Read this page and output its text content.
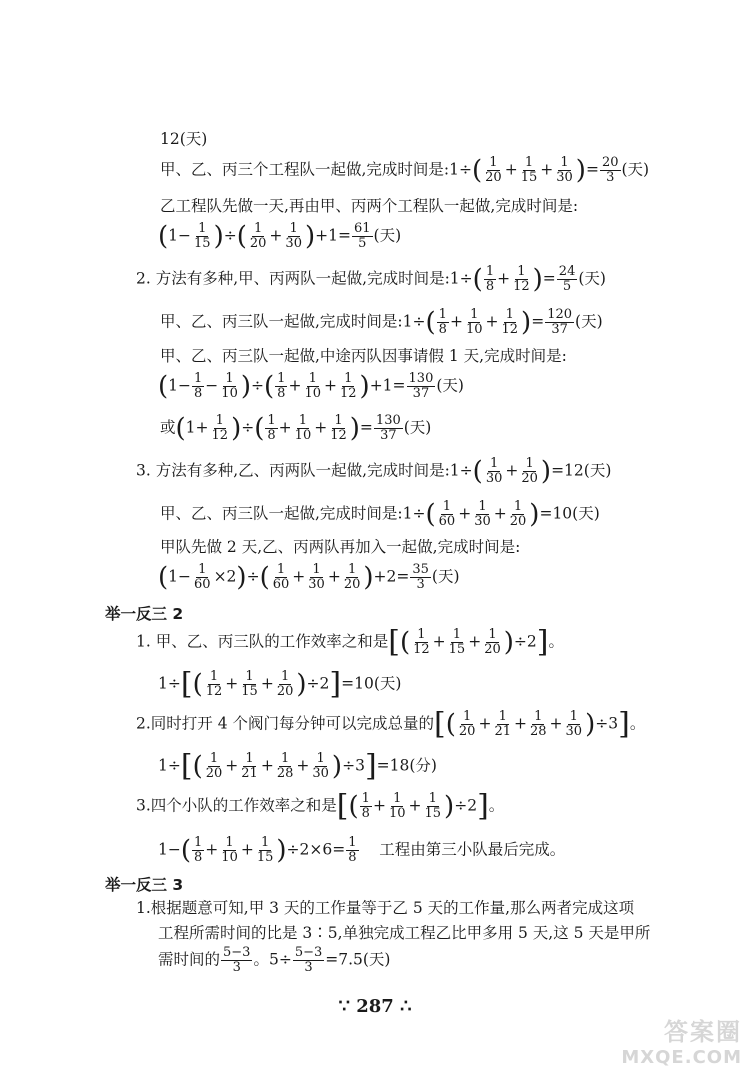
12(天)
甲、乙、丙三个工程队一起做,完成时间是:1÷( $\frac{1}{20} + \frac{1}{15} + \frac{1}{30}$ )= $\frac{20}{3}$ (天)
乙工程队先做一天,再由甲、丙两个工程队一起做,完成时间是:
($1- \frac{1}{15}$ )÷( $\frac{1}{20} + \frac{1}{30} )+1= \frac{61}{5}$ (天)
2. 方法有多种,甲、丙两队一起做,完成时间是:1÷( $\frac{1}{8} + \frac{1}{12}$ )= $\frac{24}{5}$ (天)
甲、乙、丙三队一起做,完成时间是:1÷( $\frac{1}{8} + \frac{1}{10} + \frac{1}{12}$ )= $\frac{120}{37}$ (天)
甲、乙、丙三队一起做,中途丙队因事请假 1 天,完成时间是:
($1- \frac{1}{8} - \frac{1}{10}$ )÷( $\frac{1}{8} + \frac{1}{10} + \frac{1}{12} )+1= \frac{130}{37}$ (天)
或($1+ \frac{1}{12}$ )÷( $\frac{1}{8} + \frac{1}{10} + \frac{1}{12}$ )= $\frac{130}{37}$ (天)
3. 方法有多种,乙、丙两队一起做,完成时间是:1÷( $\frac{1}{30} + \frac{1}{20} )=12$(天)
甲、乙、丙三队一起做,完成时间是:1÷( $\frac{1}{60} + \frac{1}{30} + \frac{1}{20} )=10$(天)
甲队先做 2 天,乙、丙两队再加入一起做,完成时间是:
$(1- \frac{1}{60} \times 2)\div( \frac{1}{60} + \frac{1}{30} + \frac{1}{20} )+2= \frac{35}{3}$ (天)
举一反三 2
1. 甲、乙、丙三队的工作效率之和是[( $\frac{1}{12} + \frac{1}{15} + \frac{1}{20} )\div 2$]。
$1\div[( \frac{1}{12} + \frac{1}{15} + \frac{1}{20} )\div 2]=10$(天)
2.同时打开 4 个阀门每分钟可以完成总量的[( $\frac{1}{20} + \frac{1}{21} + \frac{1}{28} + \frac{1}{30} )\div 3$]。
$1\div[( \frac{1}{20} + \frac{1}{21} + \frac{1}{28} + \frac{1}{30} )\div 3]=18$(分)
3.四个小队的工作效率之和是[( $\frac{1}{8} + \frac{1}{10} + \frac{1}{15} )\div 2$]。
$1-( \frac{1}{8} + \frac{1}{10} + \frac{1}{15} )\div 2\times 6= \frac{1}{8}$ 工程由第三小队最后完成。
举一反三 3
1.根据题意可知,甲 3 天的工作量等于乙 5 天的工作量,那么两者完成这项
工程所需时间的比是 3∶5,单独完成工程乙比甲多用 5 天,这 5 天是甲所
需时间的 $\frac{5-3}{3}$ 。$5\div \frac{5-3}{3} =7.5$(天)
∵ 287 ∴
答案圈
MXQE.COM
